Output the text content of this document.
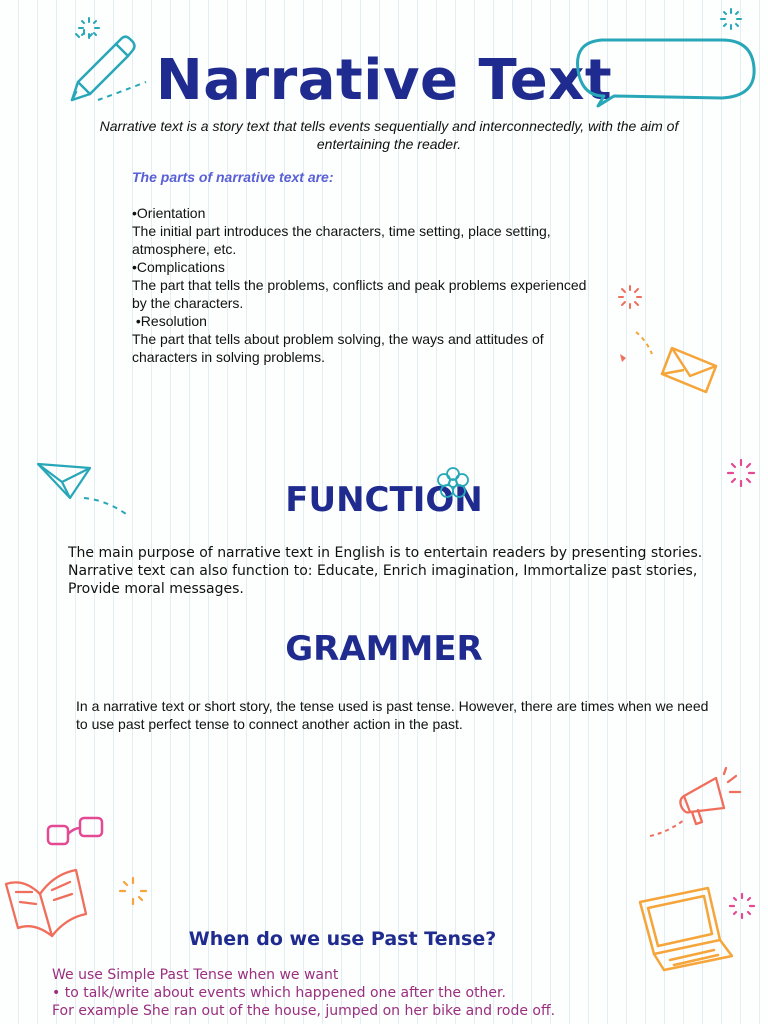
Narrative Text
Narrative text is a story text that tells events sequentially and interconnectedly, with the aim of entertaining the reader.
The parts of narrative text are:
•Orientation
The initial part introduces the characters, time setting, place setting, atmosphere, etc.
•Complications
The part that tells the problems, conflicts and peak problems experienced by the characters.
•Resolution
The part that tells about problem solving, the ways and attitudes of characters in solving problems.
FUNCTION
The main purpose of narrative text in English is to entertain readers by presenting stories. Narrative text can also function to: Educate, Enrich imagination, Immortalize past stories, Provide moral messages.
GRAMMER
In a narrative text or short story, the tense used is past tense. However, there are times when we need to use past perfect tense to connect another action in the past.
When do we use Past Tense?
We use Simple Past Tense when we want
• to talk/write about events which happened one after the other.
For example She ran out of the house, jumped on her bike and rode off.
